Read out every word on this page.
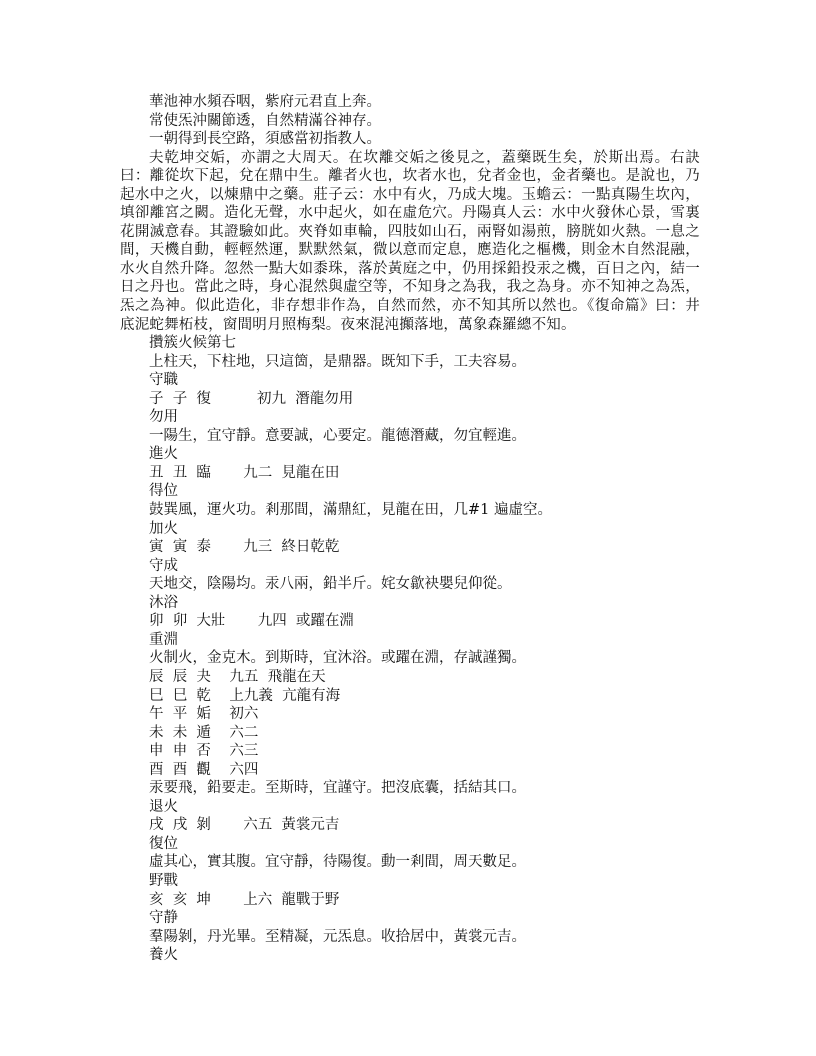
華池神水頻吞咽，紫府元君直上奔。
常使炁沖關節透，自然精滿谷神存。
一朝得到長空路，須感當初指教人。
夫乾坤交姤，亦謂之大周天。在坎離交姤之後見之，蓋藥既生矣，於斯出焉。右訣曰：離從坎下起，兌在鼎中生。離者火也，坎者水也，兌者金也，金者藥也。是說也，乃起水中之火，以煉鼎中之藥。莊子云：水中有火，乃成大塊。玉蟾云：一點真陽生坎內，填卻離宮之闕。造化无聲，水中起火，如在虛危穴。丹陽真人云：水中火發休心景，雪裏花開滅意春。其證驗如此。夾脊如車輪，四肢如山石，兩腎如湯煎，膀胱如火熱。一息之間，天機自動，輕輕然運，默默然氣，微以意而定息，應造化之樞機，則金木自然混融，水火自然升降。忽然一點大如黍珠，落於黃庭之中，仍用採鉛投汞之機，百日之內，結一日之丹也。當此之時，身心混然與虛空等，不知身之為我，我之為身。亦不知神之為炁，炁之為神。似此造化，非存想非作為，自然而然，亦不知其所以然也。《復命篇》曰：井底泥蛇舞柘枝，窗間明月照梅梨。夜來混沌攧落地，萬象森羅總不知。
攢簇火候第七
上柱天，下柱地，只這箇，是鼎器。既知下手，工夫容易。
守職
子  子  復          初九  潛龍勿用
勿用
一陽生，宜守靜。意要誠，心要定。龍德潛藏，勿宜輕進。
進火
丑  丑  臨       九二  見龍在田
得位
鼓巽風，運火功。剎那間，滿鼎紅，見龍在田，几#1 遍虛空。
加火
寅  寅  泰       九三  終日乾乾
守成
天地交，陰陽均。汞八兩，鉛半斤。姹女歙袂嬰兒仰從。
沐浴
卯  卯  大壯       九四  或躍在淵
重淵
火制火，金克木。到斯時，宜沐浴。或躍在淵，存誠謹獨。
辰  辰  夬    九五  飛龍在天
巳  巳  乾    上九義  亢龍有海
午  平  姤    初六
未  未  遁    六二
申  申  否    六三
酉  酉  觀    六四
汞要飛，鉛要走。至斯時，宜謹守。把沒底囊，括結其口。
退火
戌  戌  剝       六五  黃裳元吉
復位
虛其心，實其腹。宜守靜，待陽復。動一剎間，周天數足。
野戰
亥  亥  坤       上六  龍戰于野
守静
羣陽剝，丹光畢。至精凝，元炁息。收拾居中，黃裳元吉。
養火
